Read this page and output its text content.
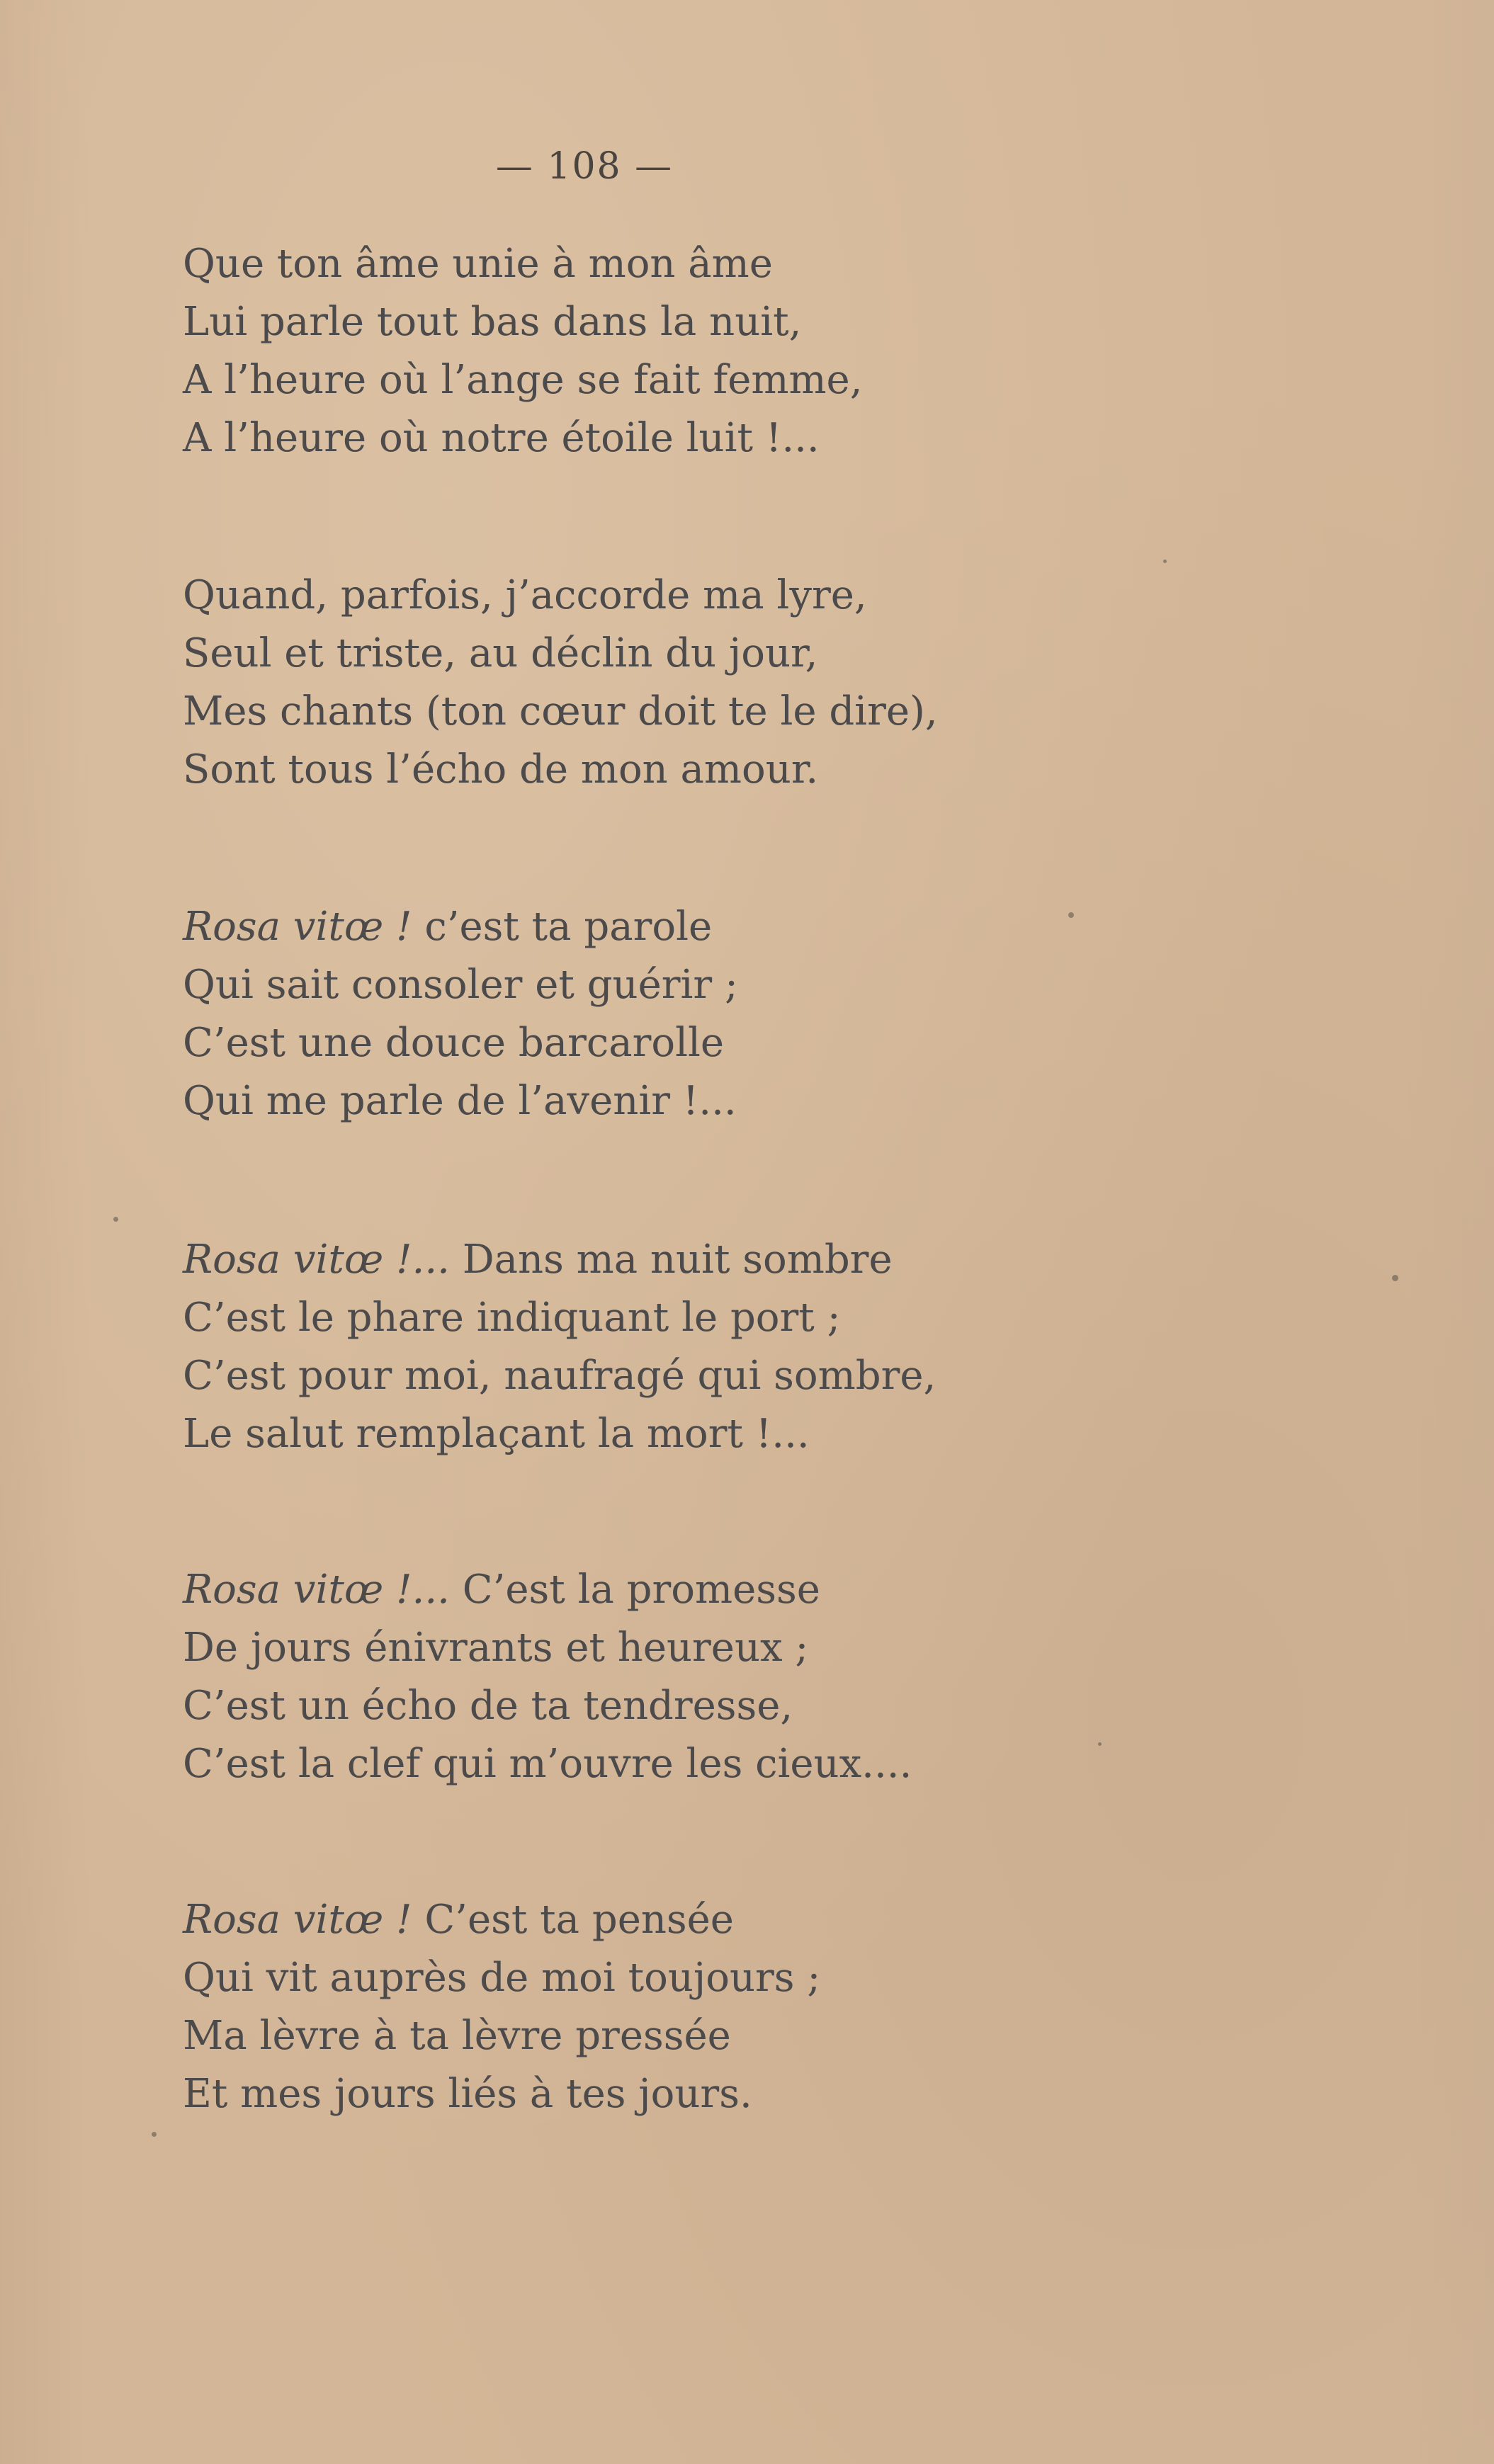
— 108 —
Que ton âme unie à mon âme
Lui parle tout bas dans la nuit,
A l’heure où l’ange se fait femme,
A l’heure où notre étoile luit !...
Quand, parfois, j’accorde ma lyre,
Seul et triste, au déclin du jour,
Mes chants (ton cœur doit te le dire),
Sont tous l’écho de mon amour.
Rosa vitœ ! c’est ta parole
Qui sait consoler et guérir ;
C’est une douce barcarolle
Qui me parle de l’avenir !...
Rosa vitœ !... Dans ma nuit sombre
C’est le phare indiquant le port ;
C’est pour moi, naufragé qui sombre,
Le salut remplaçant la mort !...
Rosa vitœ !... C’est la promesse
De jours énivrants et heureux ;
C’est un écho de ta tendresse,
C’est la clef qui m’ouvre les cieux....
Rosa vitœ ! C’est ta pensée
Qui vit auprès de moi toujours ;
Ma lèvre à ta lèvre pressée
Et mes jours liés à tes jours.
